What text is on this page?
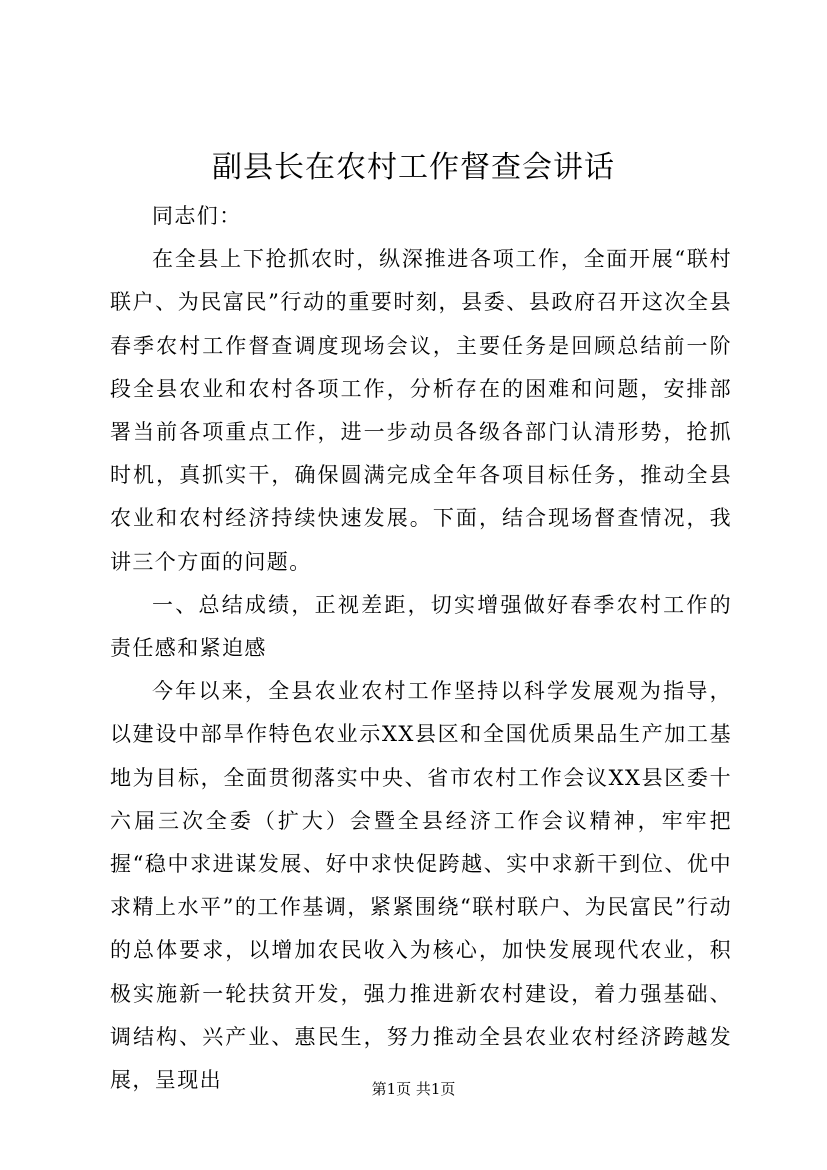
副县长在农村工作督查会讲话

同志们：

在全县上下抢抓农时，纵深推进各项工作，全面开展“联村联户、为民富民”行动的重要时刻，县委、县政府召开这次全县春季农村工作督查调度现场会议，主要任务是回顾总结前一阶段全县农业和农村各项工作，分析存在的困难和问题，安排部署当前各项重点工作，进一步动员各级各部门认清形势，抢抓时机，真抓实干，确保圆满完成全年各项目标任务，推动全县农业和农村经济持续快速发展。下面，结合现场督查情况，我讲三个方面的问题。

一、总结成绩，正视差距，切实增强做好春季农村工作的责任感和紧迫感

今年以来，全县农业农村工作坚持以科学发展观为指导，以建设中部旱作特色农业示XX县区和全国优质果品生产加工基地为目标，全面贯彻落实中央、省市农村工作会议XX县区委十六届三次全委（扩大）会暨全县经济工作会议精神，牢牢把握“稳中求进谋发展、好中求快促跨越、实中求新干到位、优中求精上水平”的工作基调，紧紧围绕“联村联户、为民富民”行动的总体要求，以增加农民收入为核心，加快发展现代农业，积极实施新一轮扶贫开发，强力推进新农村建设，着力强基础、调结构、兴产业、惠民生，努力推动全县农业农村经济跨越发展，呈现出	第1页 共1页
